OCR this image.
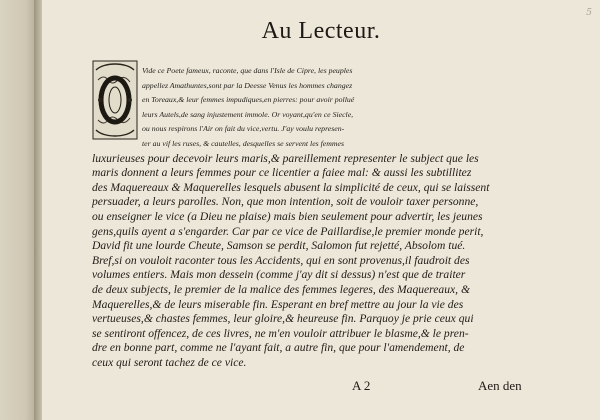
5
Au Lecteur.

Vide ce Poete fameux, raconte, que dans l'Isle de Cipre, les peuples
appellez Amathuntes,sont par la Deesse Venus les hommes changez
en Toreaux,& leur femmes impudiques,en pierres: pour avoir pollué
leurs Autels,de sang injustement immole. Or voyant,qu'en ce Siecle,
ou nous respirons l'Air on fait du vice,vertu. J'ay voulu represen-
ter au vif les ruses, & cautelles, desquelles se servent les femmes
luxurieuses pour decevoir leurs maris,& pareillement representer le subject que les
maris donnent a leurs femmes pour ce licentier a faiee mal: & aussi les subtillitez
des Maquereaux & Maquerelles lesquels abusent la simplicité de ceux, qui se laissent
persuader, a leurs parolles. Non, que mon intention, soit de vouloir taxer personne,
ou enseigner le vice (a Dieu ne plaise) mais bien seulement pour advertir, les jeunes
gens,quils ayent a s'engarder. Car par ce vice de Paillardise,le premier monde perit,
David fit une lourde Cheute, Samson se perdit, Salomon fut rejetté, Absolom tué.
Bref,si on vouloit raconter tous les Accidents, qui en sont provenus,il faudroit des
volumes entiers. Mais mon dessein (comme j'ay dit si dessus) n'est que de traiter
de deux subjects, le premier de la malice des femmes legeres, des Maquereaux, &
Maquerelles,& de leurs miserable fin. Esperant en bref mettre au jour la vie des
vertueuses,& chastes femmes, leur gloire,& heureuse fin. Parquoy je prie ceux qui
se sentiront offencez, de ces livres, ne m'en vouloir attribuer le blasme,& le pren-
dre en bonne part, comme ne l'ayant fait, a autre fin, que pour l'amendement, de
ceux qui seront tachez de ce vice.

A 2	Aen den
